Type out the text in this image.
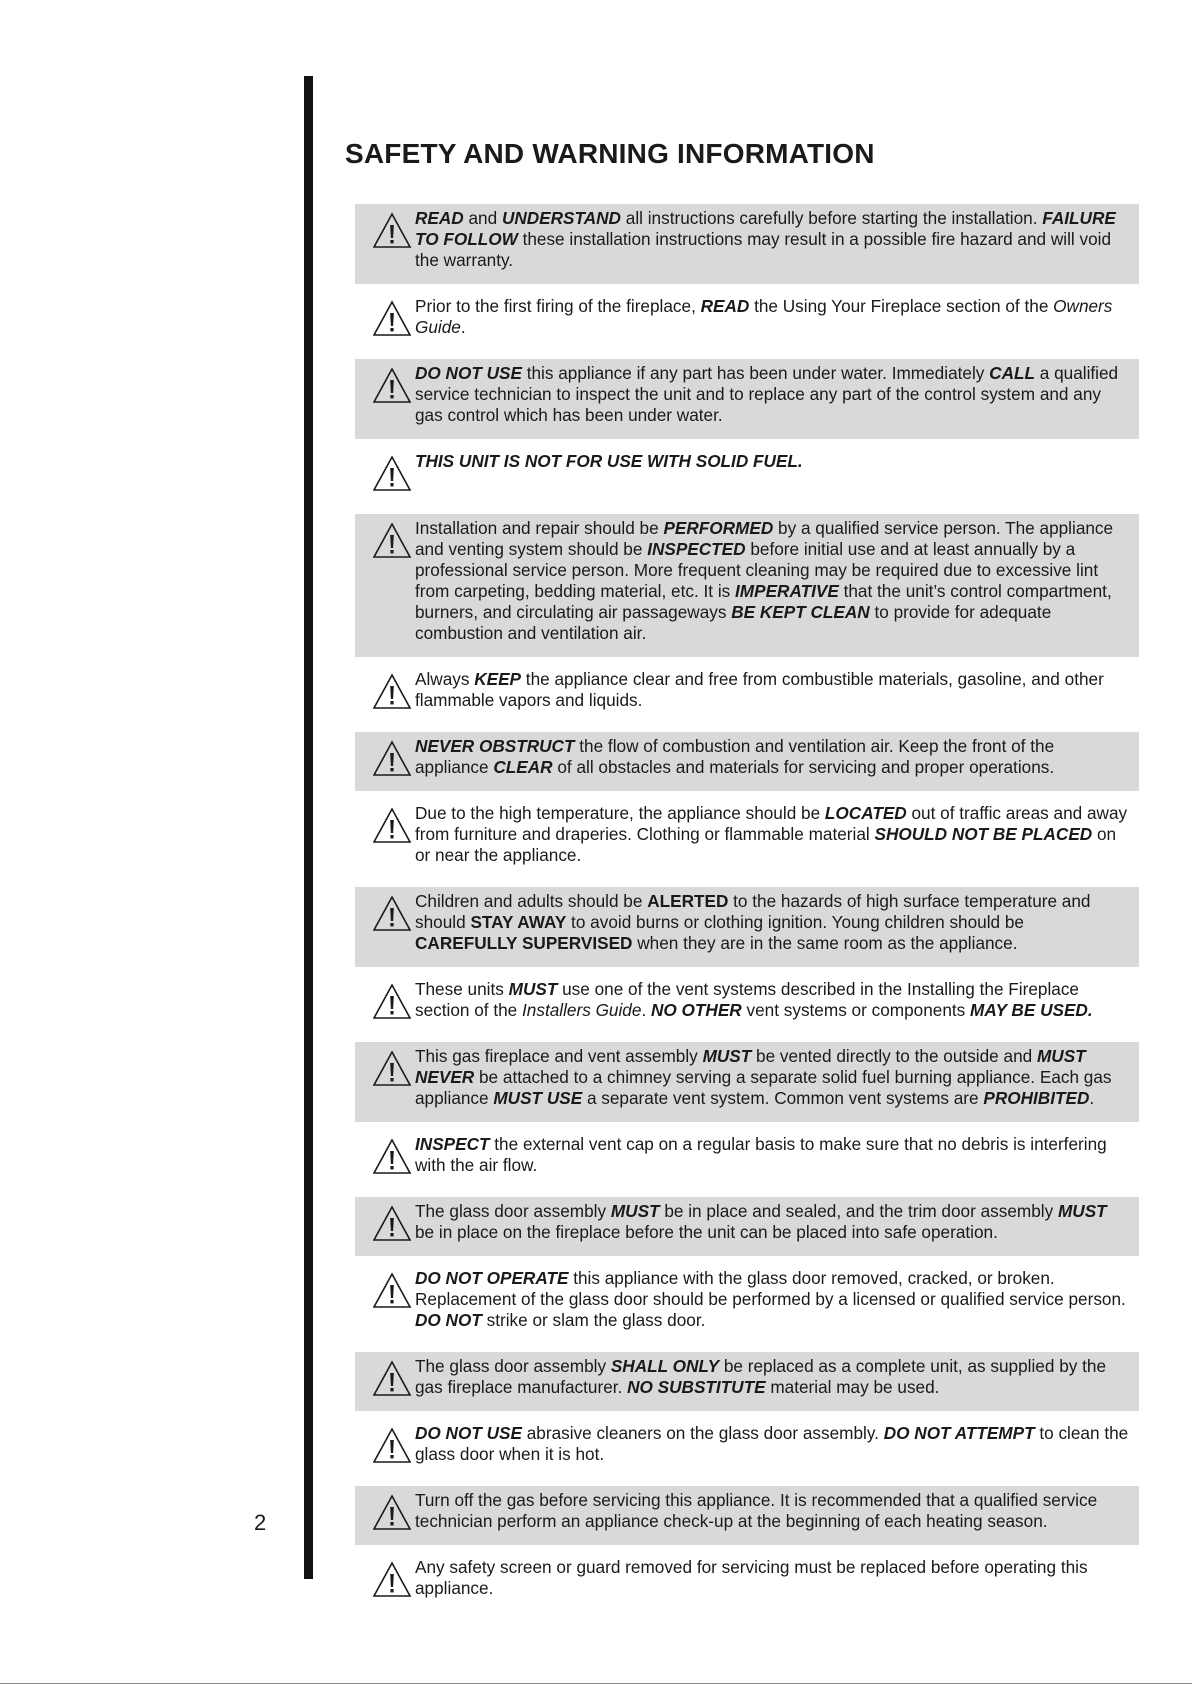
SAFETY AND WARNING INFORMATION
READ and UNDERSTAND all instructions carefully before starting the installation. FAILURE TO FOLLOW these installation instructions may result in a possible fire hazard and will void the warranty.
Prior to the first firing of the fireplace, READ the Using Your Fireplace section of the Owners Guide.
DO NOT USE this appliance if any part has been under water. Immediately CALL a qualified service technician to inspect the unit and to replace any part of the control system and any gas control which has been under water.
THIS UNIT IS NOT FOR USE WITH SOLID FUEL.
Installation and repair should be PERFORMED by a qualified service person. The appliance and venting system should be INSPECTED before initial use and at least annually by a professional service person. More frequent cleaning may be required due to excessive lint from carpeting, bedding material, etc. It is IMPERATIVE that the unit’s control compartment, burners, and circulating air passageways BE KEPT CLEAN to provide for adequate combustion and ventilation air.
Always KEEP the appliance clear and free from combustible materials, gasoline, and other flammable vapors and liquids.
NEVER OBSTRUCT the flow of combustion and ventilation air. Keep the front of the appliance CLEAR of all obstacles and materials for servicing and proper operations.
Due to the high temperature, the appliance should be LOCATED out of traffic areas and away from furniture and draperies. Clothing or flammable material SHOULD NOT BE PLACED on or near the appliance.
Children and adults should be ALERTED to the hazards of high surface temperature and should STAY AWAY to avoid burns or clothing ignition. Young children should be CAREFULLY SUPERVISED when they are in the same room as the appliance.
These units MUST use one of the vent systems described in the Installing the Fireplace section of the Installers Guide. NO OTHER vent systems or components MAY BE USED.
This gas fireplace and vent assembly MUST be vented directly to the outside and MUST NEVER be attached to a chimney serving a separate solid fuel burning appliance. Each gas appliance MUST USE a separate vent system. Common vent systems are PROHIBITED.
INSPECT the external vent cap on a regular basis to make sure that no debris is interfering with the air flow.
The glass door assembly MUST be in place and sealed, and the trim door assembly MUST be in place on the fireplace before the unit can be placed into safe operation.
DO NOT OPERATE this appliance with the glass door removed, cracked, or broken. Replacement of the glass door should be performed by a licensed or qualified service person. DO NOT strike or slam the glass door.
The glass door assembly SHALL ONLY be replaced as a complete unit, as supplied by the gas fireplace manufacturer. NO SUBSTITUTE material may be used.
DO NOT USE abrasive cleaners on the glass door assembly. DO NOT ATTEMPT to clean the glass door when it is hot.
Turn off the gas before servicing this appliance. It is recommended that a qualified service technician perform an appliance check-up at the beginning of each heating season.
Any safety screen or guard removed for servicing must be replaced before operating this appliance.
2
